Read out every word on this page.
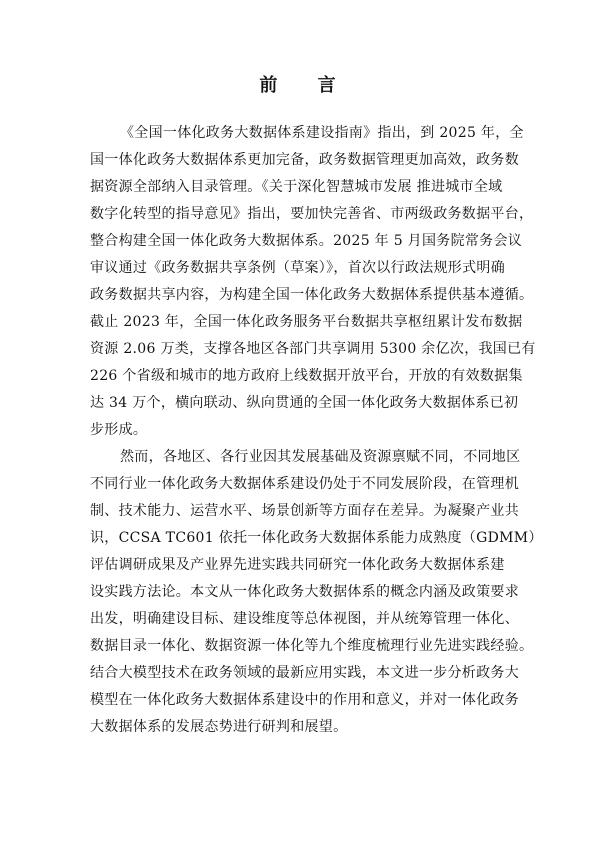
前 言
《全国一体化政务大数据体系建设指南》指出，到 2025 年，全
国一体化政务大数据体系更加完备，政务数据管理更加高效，政务数
据资源全部纳入目录管理。《关于深化智慧城市发展 推进城市全域
数字化转型的指导意见》指出，要加快完善省、市两级政务数据平台，
整合构建全国一体化政务大数据体系。2025 年 5 月国务院常务会议
审议通过《政务数据共享条例（草案）》，首次以行政法规形式明确
政务数据共享内容，为构建全国一体化政务大数据体系提供基本遵循。
截止 2023 年，全国一体化政务服务平台数据共享枢纽累计发布数据
资源 2.06 万类，支撑各地区各部门共享调用 5300 余亿次，我国已有
226 个省级和城市的地方政府上线数据开放平台，开放的有效数据集
达 34 万个，横向联动、纵向贯通的全国一体化政务大数据体系已初
步形成。
然而，各地区、各行业因其发展基础及资源禀赋不同，不同地区
不同行业一体化政务大数据体系建设仍处于不同发展阶段，在管理机
制、技术能力、运营水平、场景创新等方面存在差异。为凝聚产业共
识，CCSA TC601 依托一体化政务大数据体系能力成熟度（GDMM）
评估调研成果及产业界先进实践共同研究一体化政务大数据体系建
设实践方法论。本文从一体化政务大数据体系的概念内涵及政策要求
出发，明确建设目标、建设维度等总体视图，并从统筹管理一体化、
数据目录一体化、数据资源一体化等九个维度梳理行业先进实践经验。
结合大模型技术在政务领域的最新应用实践，本文进一步分析政务大
模型在一体化政务大数据体系建设中的作用和意义，并对一体化政务
大数据体系的发展态势进行研判和展望。
